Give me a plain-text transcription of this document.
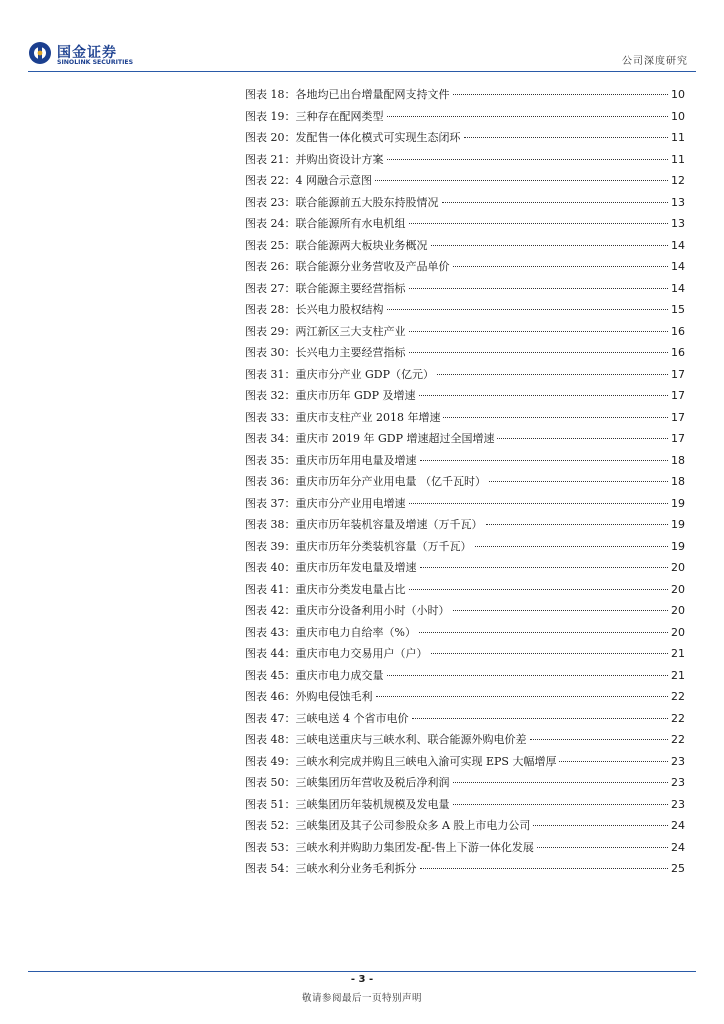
国金证券
SINOLINK SECURITIES	公司深度研究
图表 18：各地均已出台增量配网支持文件	10
图表 19：三种存在配网类型	10
图表 20：发配售一体化模式可实现生态闭环	11
图表 21：并购出资设计方案	11
图表 22：4 网融合示意图	12
图表 23：联合能源前五大股东持股情况	13
图表 24：联合能源所有水电机组	13
图表 25：联合能源两大板块业务概况	14
图表 26：联合能源分业务营收及产品单价	14
图表 27：联合能源主要经营指标	14
图表 28：长兴电力股权结构	15
图表 29：两江新区三大支柱产业	16
图表 30：长兴电力主要经营指标	16
图表 31：重庆市分产业 GDP（亿元）	17
图表 32：重庆市历年 GDP 及增速	17
图表 33：重庆市支柱产业 2018 年增速	17
图表 34：重庆市 2019 年 GDP 增速超过全国增速	17
图表 35：重庆市历年用电量及增速	18
图表 36：重庆市历年分产业用电量 （亿千瓦时）	18
图表 37：重庆市分产业用电增速	19
图表 38：重庆市历年装机容量及增速（万千瓦）	19
图表 39：重庆市历年分类装机容量（万千瓦）	19
图表 40：重庆市历年发电量及增速	20
图表 41：重庆市分类发电量占比	20
图表 42：重庆市分设备利用小时（小时）	20
图表 43：重庆市电力自给率（%）	20
图表 44：重庆市电力交易用户（户）	21
图表 45：重庆市电力成交量	21
图表 46：外购电侵蚀毛利	22
图表 47：三峡电送 4 个省市电价	22
图表 48：三峡电送重庆与三峡水利、联合能源外购电价差	22
图表 49：三峡水利完成并购且三峡电入渝可实现 EPS 大幅增厚	23
图表 50：三峡集团历年营收及税后净利润	23
图表 51：三峡集团历年装机规模及发电量	23
图表 52：三峡集团及其子公司参股众多 A 股上市电力公司	24
图表 53：三峡水利并购助力集团发-配-售上下游一体化发展	24
图表 54：三峡水利分业务毛利拆分	25
- 3 -
敬请参阅最后一页特别声明
